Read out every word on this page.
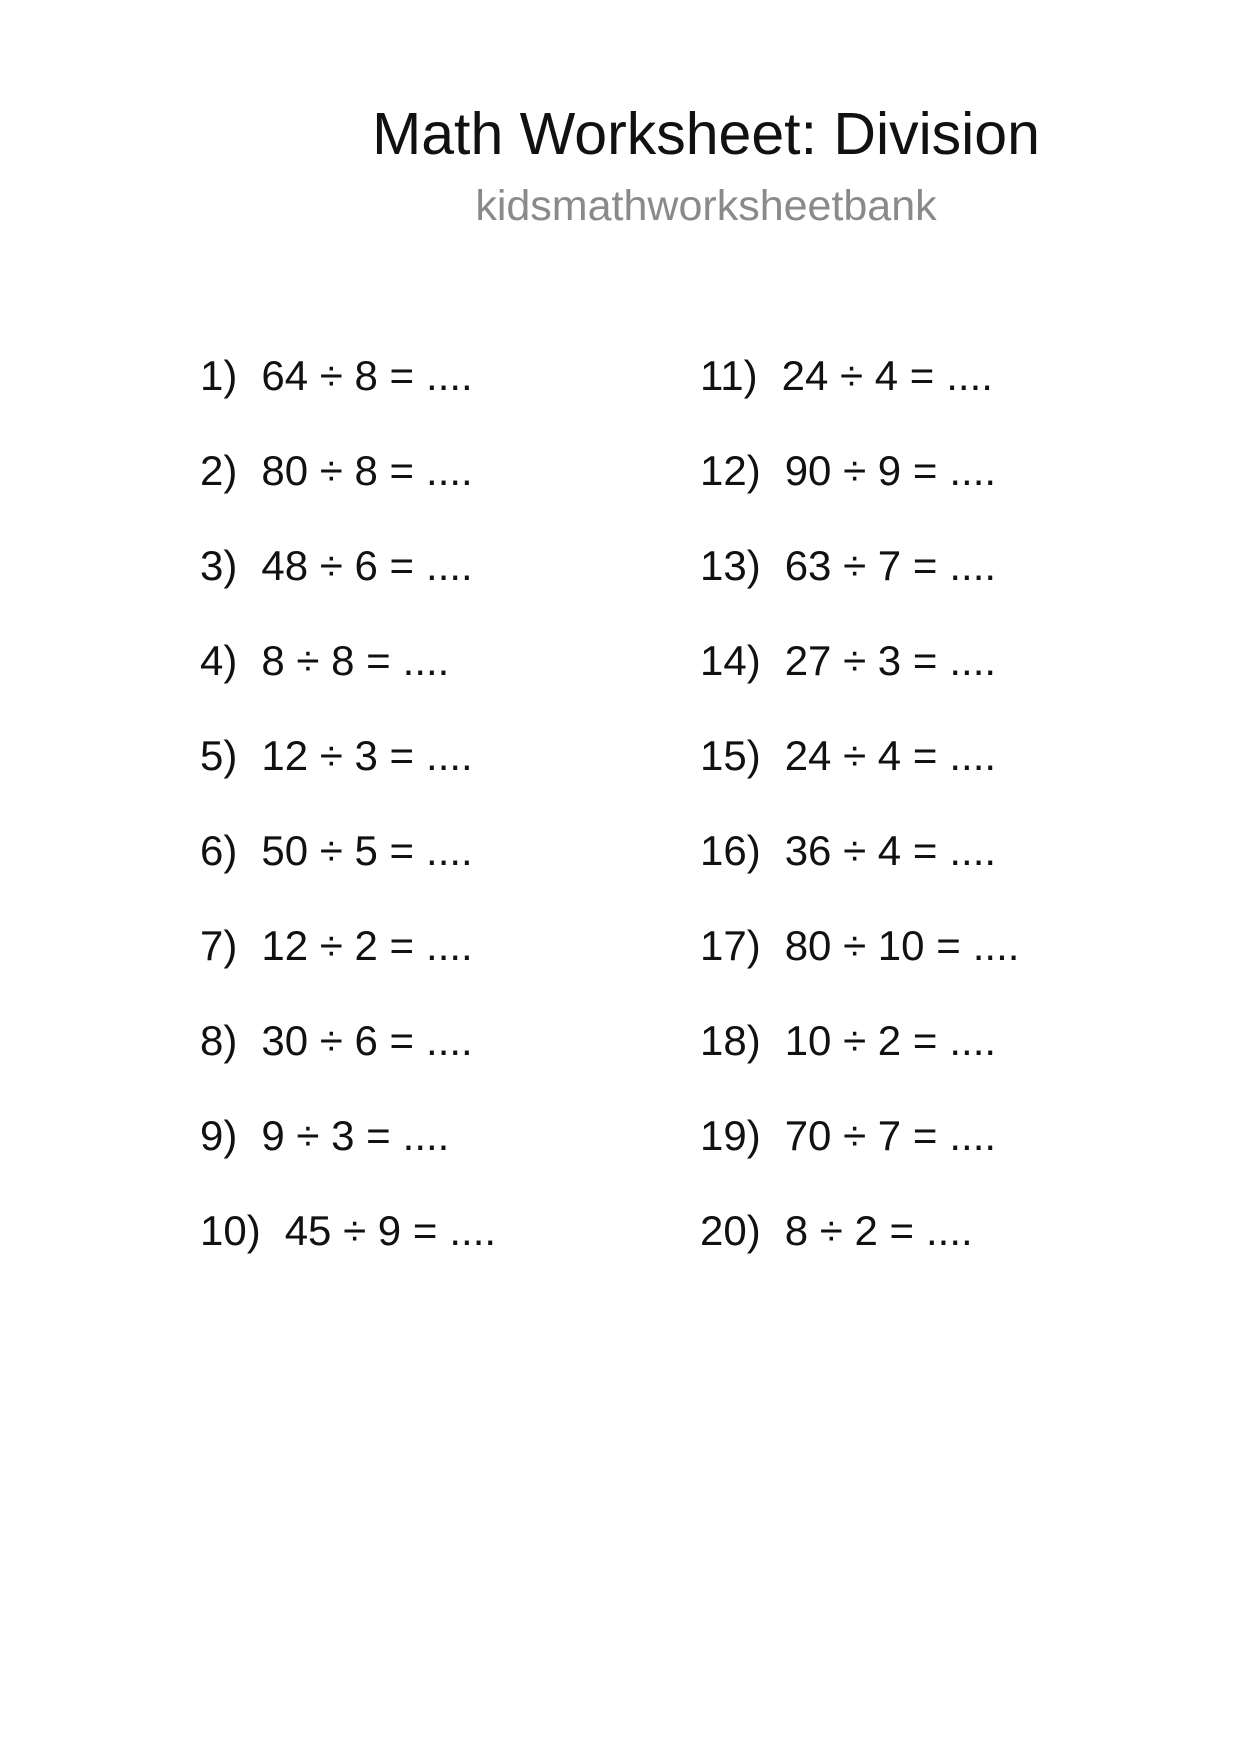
Math Worksheet: Division
kidsmathworksheetbank
1) 64 ÷ 8 = ....
2) 80 ÷ 8 = ....
3) 48 ÷ 6 = ....
4) 8 ÷ 8 = ....
5) 12 ÷ 3 = ....
6) 50 ÷ 5 = ....
7) 12 ÷ 2 = ....
8) 30 ÷ 6 = ....
9) 9 ÷ 3 = ....
10) 45 ÷ 9 = ....
11) 24 ÷ 4 = ....
12) 90 ÷ 9 = ....
13) 63 ÷ 7 = ....
14) 27 ÷ 3 = ....
15) 24 ÷ 4 = ....
16) 36 ÷ 4 = ....
17) 80 ÷ 10 = ....
18) 10 ÷ 2 = ....
19) 70 ÷ 7 = ....
20) 8 ÷ 2 = ....
